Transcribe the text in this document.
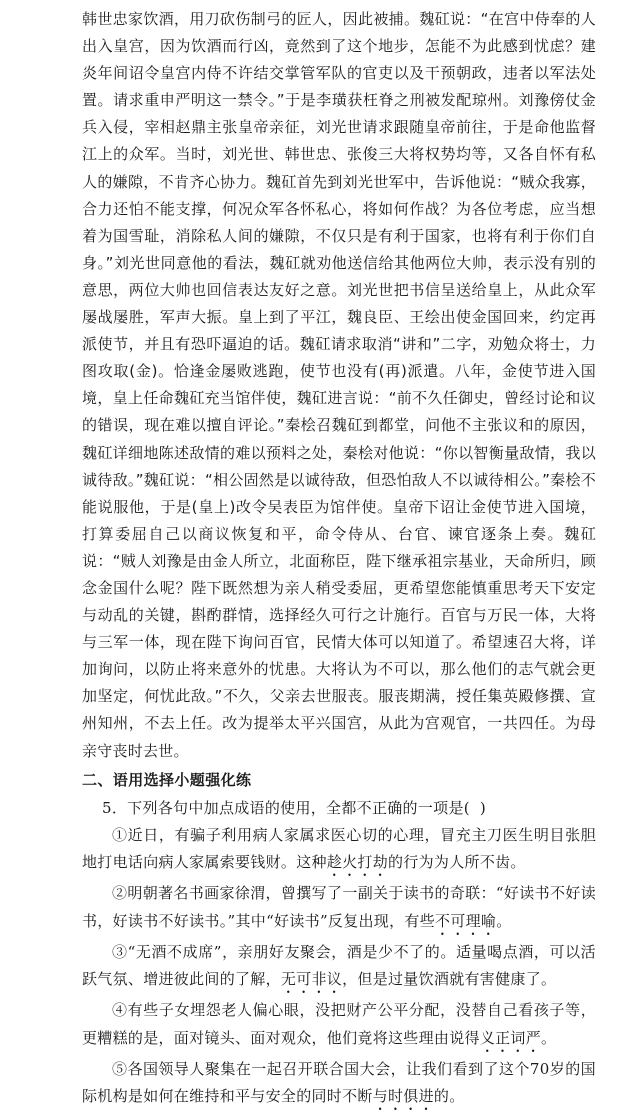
韩世忠家饮酒，用刀砍伤制弓的匠人，因此被捕。魏矼说：“在宫中侍奉的人出入皇宫，因为饮酒而行凶，竟然到了这个地步，怎能不为此感到忧虑？建炎年间诏令皇宫内侍不许结交掌管军队的官吏以及干预朝政，违者以军法处置。请求重申严明这一禁令。”于是李璜获枉脊之刑被发配琼州。刘豫傍仗金兵入侵，宰相赵鼎主张皇帝亲征，刘光世请求跟随皇帝前往，于是命他监督江上的众军。当时，刘光世、韩世忠、张俊三大将权势均等，又各自怀有私人的嫌隙，不肯齐心协力。魏矼首先到刘光世军中，告诉他说：“贼众我寡，合力还怕不能支撑，何况众军各怀私心，将如何作战？为各位考虑，应当想着为国雪耻，消除私人间的嫌隙，不仅只是有利于国家，也将有利于你们自身。”刘光世同意他的看法，魏矼就劝他送信给其他两位大帅，表示没有别的意思，两位大帅也回信表达友好之意。刘光世把书信呈送给皇上，从此众军屡战屡胜，军声大振。皇上到了平江，魏良臣、王绘出使金国回来，约定再派使节，并且有恐吓逼迫的话。魏矼请求取消“讲和”二字，劝勉众将士，力图攻取(金)。恰逢金屡败逃跑，使节也没有(再)派遣。八年，金使节进入国境，皇上任命魏矼充当馆伴使，魏矼进言说：“前不久任御史，曾经讨论和议的错误，现在难以擅自评论。”秦桧召魏矼到都堂，问他不主张议和的原因，魏矼详细地陈述敌情的难以预料之处，秦桧对他说：“你以智衡量敌情，我以诚待敌。”魏矼说：“相公固然是以诚待敌，但恐怕敌人不以诚待相公。”秦桧不能说服他，于是(皇上)改令吴表臣为馆伴使。皇帝下诏让金使节进入国境，打算委屈自己以商议恢复和平，命令侍从、台官、谏官逐条上奏。魏矼说：“贼人刘豫是由金人所立，北面称臣，陛下继承祖宗基业，天命所归，顾念金国什么呢？陛下既然想为亲人稍受委屈，更希望您能慎重思考天下安定与动乱的关键，斟酌群情，选择经久可行之计施行。百官与万民一体，大将与三军一体，现在陛下询问百官，民情大体可以知道了。希望速召大将，详加询问，以防止将来意外的忧患。大将认为不可以，那么他们的志气就会更加坚定，何忧此敌。”不久，父亲去世服丧。服丧期满，授任集英殿修撰、宣州知州，不去上任。改为提举太平兴国宫，从此为宫观官，一共四任。为母亲守丧时去世。

二、语用选择小题强化练
5．下列各句中加点成语的使用，全都不正确的一项是( )

①近日，有骗子利用病人家属求医心切的心理，冒充主刀医生明目张胆地打电话向病人家属索要钱财。这种趁火打劫的行为为人所不齿。

②明朝著名书画家徐渭，曾撰写了一副关于读书的奇联：“好读书不好读书，好读书不好读书。”其中“好读书”反复出现，有些不可理喻。

③“无酒不成席”，亲朋好友聚会，酒是少不了的。适量喝点酒，可以活跃气氛、增进彼此间的了解，无可非议，但是过量饮酒就有害健康了。

④有些子女埋怨老人偏心眼，没把财产公平分配，没替自己看孩子等，更糟糕的是，面对镜头、面对观众，他们竟将这些理由说得义正词严。

⑤各国领导人聚集在一起召开联合国大会，让我们看到了这个70岁的国际机构是如何在维持和平与安全的同时不断与时俱进的。
